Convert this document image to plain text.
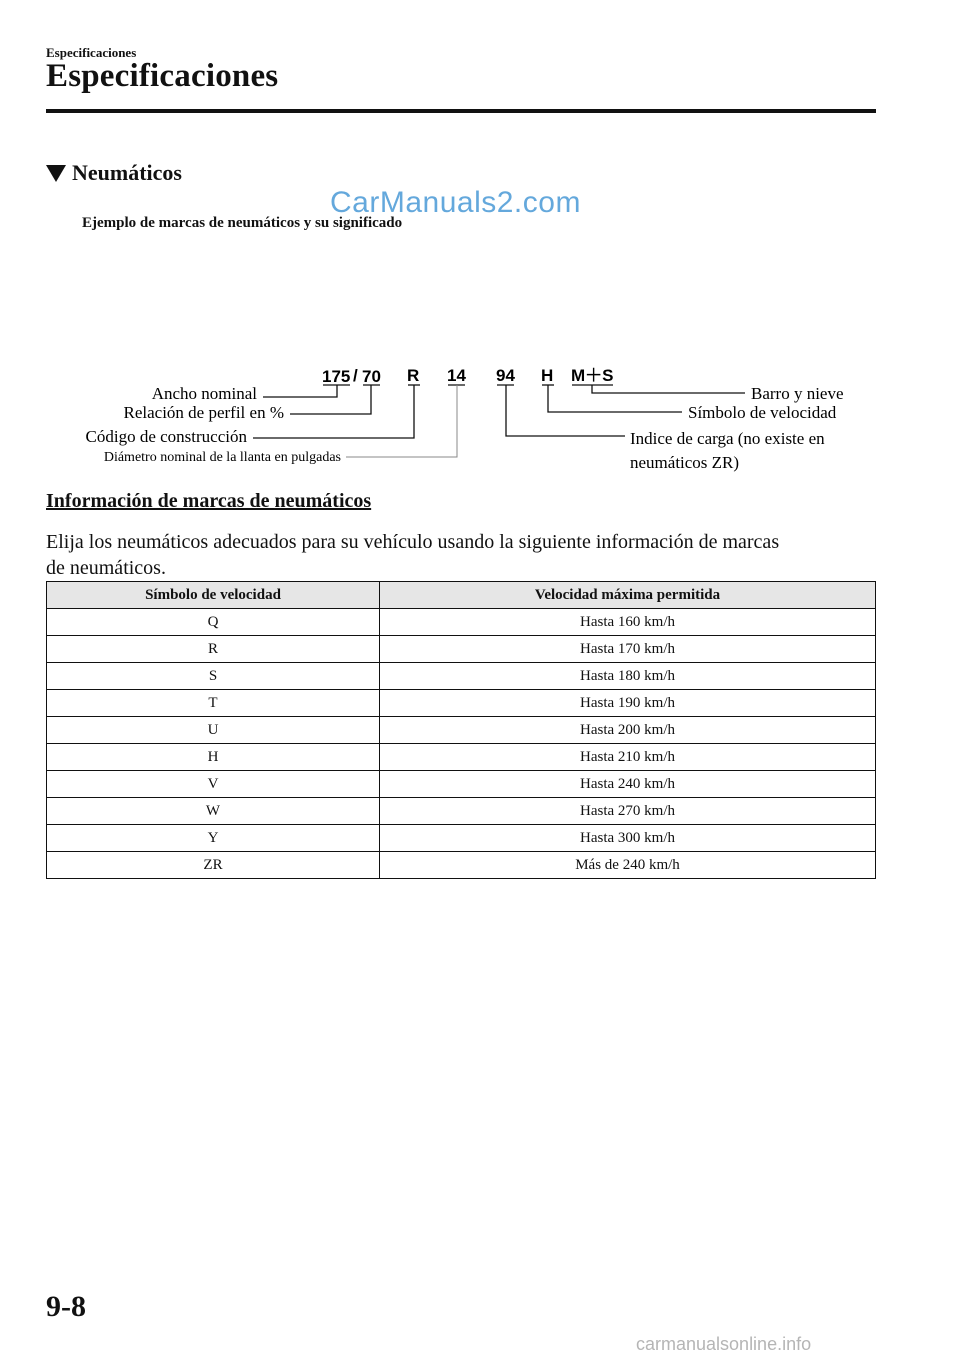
Especificaciones
Especificaciones
Neumáticos
CarManuals2.com
Ejemplo de marcas de neumáticos y su significado
175 / 70 R 14 94 H M＋S
Ancho nominal
Relación de perfil en %
Código de construcción
Diámetro nominal de la llanta en pulgadas
Barro y nieve
Símbolo de velocidad
Indice de carga (no existe en
neumáticos ZR)
Información de marcas de neumáticos
Elija los neumáticos adecuados para su vehículo usando la siguiente información de marcas
de neumáticos.
Símbolo de velocidad	Velocidad máxima permitida
Q	Hasta 160 km/h
R	Hasta 170 km/h
S	Hasta 180 km/h
T	Hasta 190 km/h
U	Hasta 200 km/h
H	Hasta 210 km/h
V	Hasta 240 km/h
W	Hasta 270 km/h
Y	Hasta 300 km/h
ZR	Más de 240 km/h
9-8
carmanualsonline.info
